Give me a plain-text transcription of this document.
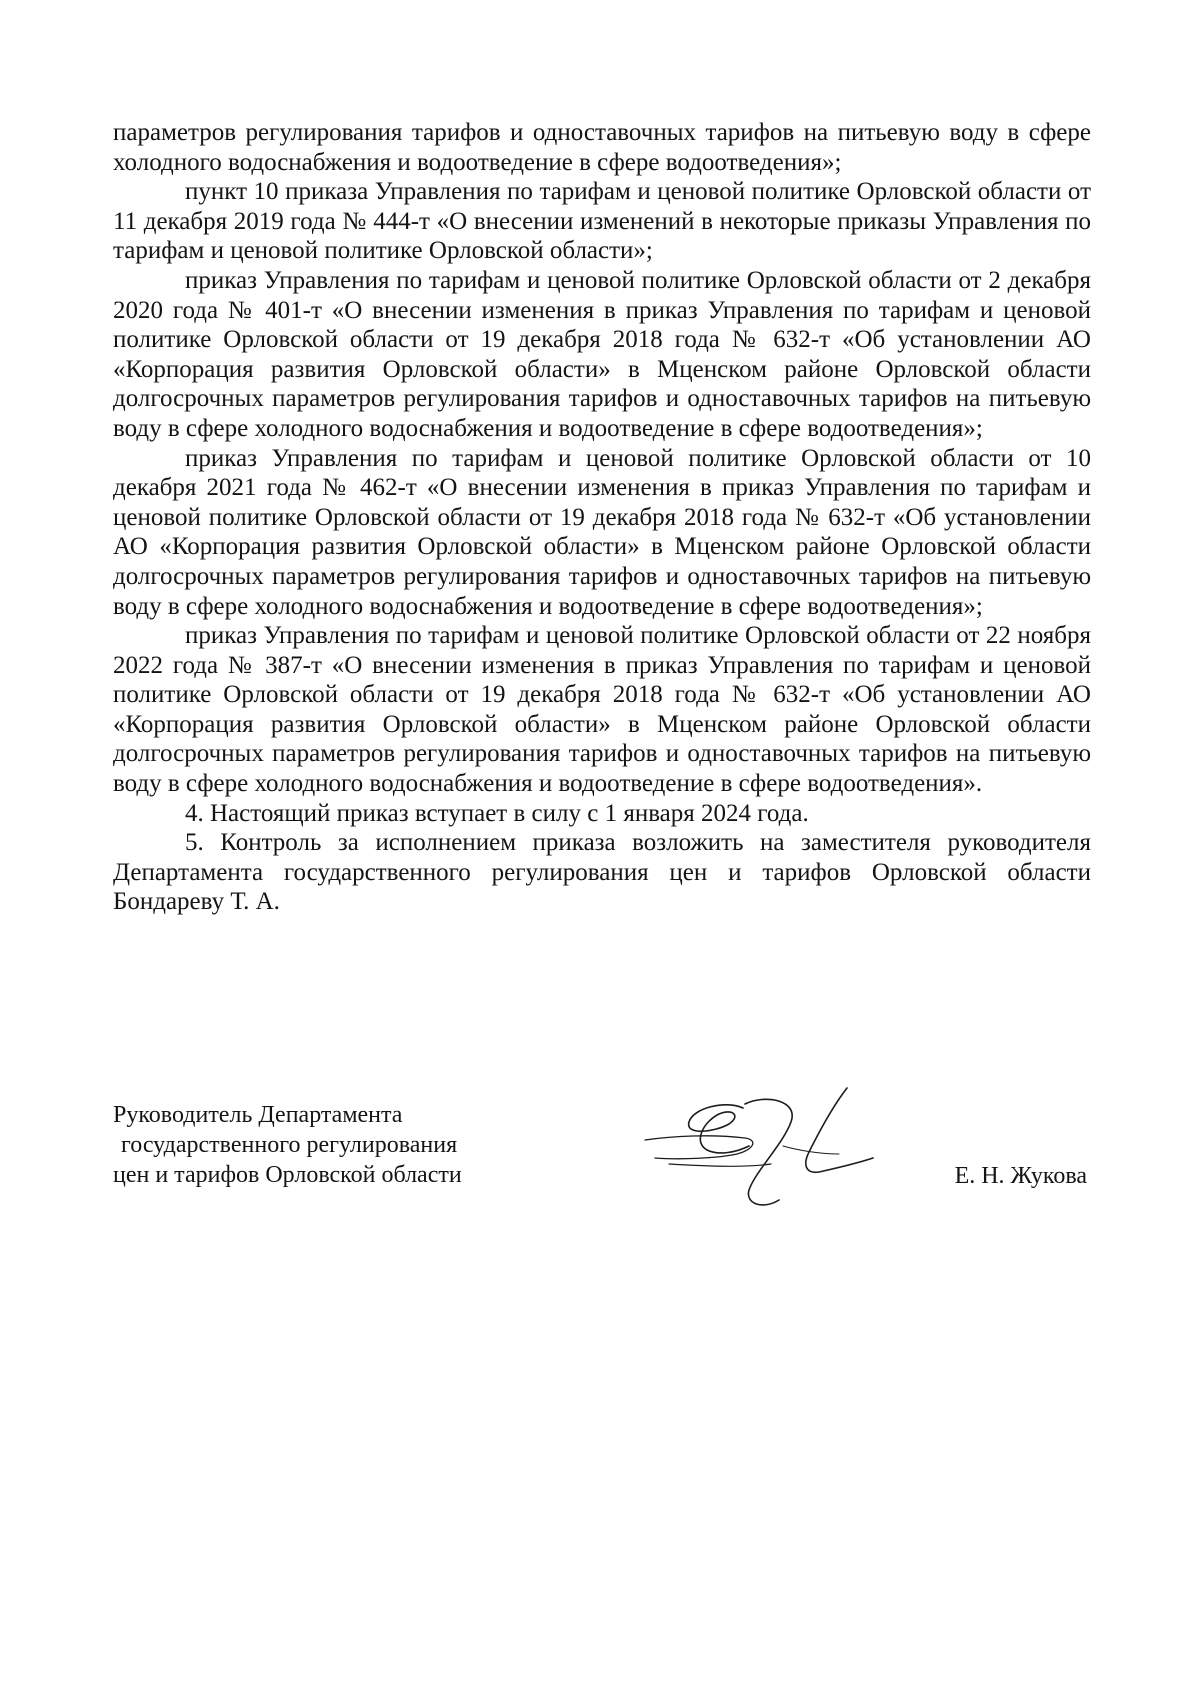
параметров регулирования тарифов и одноставочных тарифов на питьевую воду в сфере холодного водоснабжения и водоотведение в сфере водоотведения»;

пункт 10 приказа Управления по тарифам и ценовой политике Орловской области от 11 декабря 2019 года № 444-т «О внесении изменений в некоторые приказы Управления по тарифам и ценовой политике Орловской области»;

приказ Управления по тарифам и ценовой политике Орловской области от 2 декабря 2020 года № 401-т «О внесении изменения в приказ Управления по тарифам и ценовой политике Орловской области от 19 декабря 2018 года № 632-т «Об установлении АО «Корпорация развития Орловской области» в Мценском районе Орловской области долгосрочных параметров регулирования тарифов и одноставочных тарифов на питьевую воду в сфере холодного водоснабжения и водоотведение в сфере водоотведения»;

приказ Управления по тарифам и ценовой политике Орловской области от 10 декабря 2021 года № 462-т «О внесении изменения в приказ Управления по тарифам и ценовой политике Орловской области от 19 декабря 2018 года № 632-т «Об установлении АО «Корпорация развития Орловской области» в Мценском районе Орловской области долгосрочных параметров регулирования тарифов и одноставочных тарифов на питьевую воду в сфере холодного водоснабжения и водоотведение в сфере водоотведения»;

приказ Управления по тарифам и ценовой политике Орловской области от 22 ноября 2022 года № 387-т «О внесении изменения в приказ Управления по тарифам и ценовой политике Орловской области от 19 декабря 2018 года № 632-т «Об установлении АО «Корпорация развития Орловской области» в Мценском районе Орловской области долгосрочных параметров регулирования тарифов и одноставочных тарифов на питьевую воду в сфере холодного водоснабжения и водоотведение в сфере водоотведения».

4. Настоящий приказ вступает в силу с 1 января 2024 года.

5. Контроль за исполнением приказа возложить на заместителя руководителя Департамента государственного регулирования цен и тарифов Орловской области Бондареву Т. А.

Руководитель Департамента
государственного регулирования
цен и тарифов Орловской области	Е. Н. Жукова
